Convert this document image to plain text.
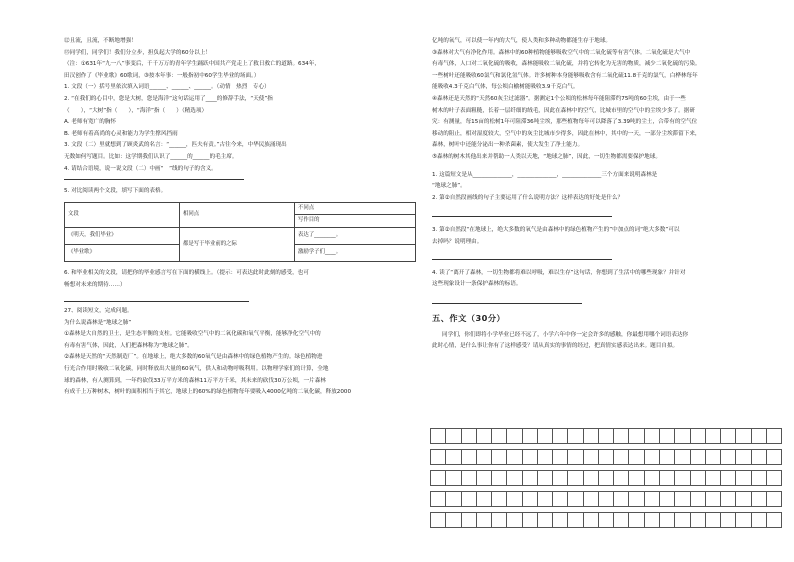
⑫且流，且流，不断地增强！
⑬同学们，同学们！我们分立步，担负起大学的60分以上！
（注：①631年“九一八”事变后，千千万万的青年学生踊跃中国共产党走上了救日救亡的道路。634年，
田汉创作了《毕业歌》60歌词，③按本年事：一般指初中60学生毕业的场面。）
1. 文段（一）括号里依次填入词语______、______、______。（动情　热烈　专心）
2. “在我们的心目中，您是大树，您是海洋”这句话运用了____的修辞手法，“天使”指
（　　），“大树”指（　　），“海洋”指（　　）（精选项）
A. 老师有宽广的胸怀
B. 老师有着高尚的心灵和能力为学生撑风挡雨
3. 文段（二）里就想到了顾炎武的名言：“______，匹夫有责。”古往今来，中华民族涌现出
无数如何写题目。比如：这学期我们认识了______的______的毛主席。
4. 请结合语境，说一说文段（二）中画“　”线的句子的含义。
5. 对比阅读两个文段，填写下面的表格。
文段	相同点	不同点
		写作目的
《明天，我们毕业》	都是写于毕业前的之际	表达了________。
《毕业歌》		激励学子们____。
6. 和毕业相关的文段，请把你的毕业感言写在下面的横线上。（提示：可表达此时此刻的感受，也可
畅想对未来的期待……）
27、阅读短文，完成问题。
为什么说森林是“地球之肺”
①森林是大自然的卫士，是生态平衡的支柱。它能吸收空气中的二氧化碳和氧气平衡，能够净化空气中的
有毒有害气体，因此，人们把森林称为“地球之肺”。
②森林是天然的“天然制造厂”。在地球上，绝大多数的60氧气是由森林中的绿色植物产生的。绿色植物进
行光合作用时吸收二氧化碳，同时释放出大量的60氧气，供人和动物呼吸利用。以物理学家们的计算，全地
球的森林，有人测算到，一年约砍伐33万平方米的森林11万平方千米，其未来的砍伐30万公顷，一片森林
有成千上万种树木，树叶的面积相当于其它，地球上的60%的绿色植物每年要吸入4000亿吨的二氧化碳，释放2000
亿吨的氧气，可以使一年内的大气，使人类和多种动物都能生存于地球。
③森林对大气有净化作用。森林中的60种植物能够吸收空气中的二氧化硫等有害气体。二氧化硫是大气中
有毒气体，人口对二氧化硫的吸收，森林能吸收二氧化硫，并将它转化为无害的物质，减少二氧化硫的污染。
一些树叶还能吸收60氯气和氯化氢气体。许多树种本身能够吸收含有二氧化硫11.8千克的氯气，白桦林每年
能吸收4.3千克白气体，每公顷白榆树能吸收3.9千克白气。
④森林还是天然的“天然60灰尘过滤器”。据测定1个公顷的松林每年能阻滞约75吨的60尘埃，由于一些
树木的叶子表面粗糙，长着一层纤细的绒毛，因此在森林中的空气，比城市里的空气中的尘埃少多了。据研
究：有测量，每15亩的松树1年可阻滞36吨尘埃，那些植物每年可以降落了3.39吨的尘土，合带有的空气位
移动的阻止，相对湿度较大，空气中的灰尘比城市少得多，因此在林中，其中的一天，一部分尘埃滞留下来，
森林，树叶中还能分泌出一种杀菌素，使大发生了净土能力。
⑤森林的树木其他出来并帮助一人类以天地，“地球之肺”，因此，一切生物都需要保护地球。
1. 这篇短文是从______________，______________，______________三个方面来说明森林是
“地球之肺”。
2. 第②自然段画线的句子主要运用了什么说明方法？这样表达的好处是什么？
3. 第②自然段“在地球上，绝大多数的氧气是由森林中的绿色植物产生的”中加点的词“绝大多数”可以
去掉吗？说明理由。
4. 读了“离开了森林，一切生物都将难以呼吸，难以生存”这句话，你想到了生活中的哪些现象？并针对
这些现象设计一条保护森林的标语。
五、作文（30分）
同学们，你们即将小学毕业已经不远了，小学六年中你一定会许多的感触，你最想用哪个词语表达你
此时心情，是什么事让你有了这样感受？请从真实的事情的经过，把真情实感表达出来。题目自拟。
